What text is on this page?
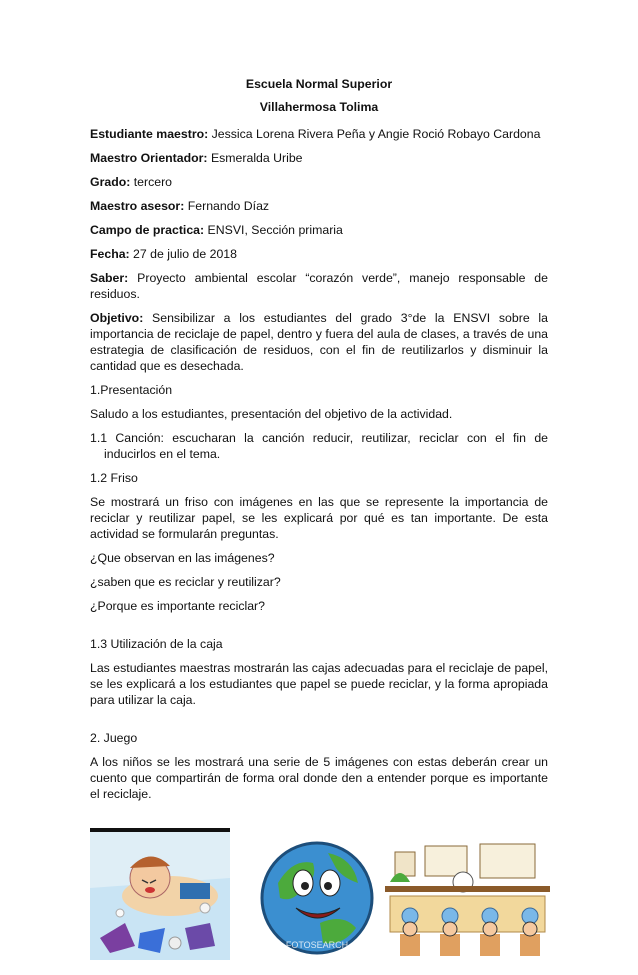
Escuela Normal Superior
Villahermosa Tolima

Estudiante maestro: Jessica Lorena Rivera Peña y Angie Roció Robayo Cardona

Maestro Orientador: Esmeralda Uribe

Grado: tercero

Maestro asesor: Fernando Díaz

Campo de practica: ENSVI, Sección primaria

Fecha: 27 de julio de 2018

Saber: Proyecto ambiental escolar “corazón verde”, manejo responsable de residuos.

Objetivo: Sensibilizar a los estudiantes del grado 3°de la ENSVI sobre la importancia de reciclaje de papel, dentro y fuera del aula de clases, a través de una estrategia de clasificación de residuos, con el fin de reutilizarlos y disminuir la cantidad que es desechada.

1.Presentación

Saludo a los estudiantes, presentación del objetivo de la actividad.

1.1 Canción: escucharan la canción reducir, reutilizar, reciclar con el fin de inducirlos en el tema.

1.2 Friso

Se mostrará un friso con imágenes en las que se represente la importancia de reciclar y reutilizar papel, se les explicará por qué es tan importante. De esta actividad se formularán preguntas.

¿Que observan en las imágenes?

¿saben que es reciclar y reutilizar?

¿Porque es importante reciclar?

1.3 Utilización de la caja

Las estudiantes maestras mostrarán las cajas adecuadas para el reciclaje de papel, se les explicará a los estudiantes que papel se puede reciclar, y la forma apropiada para utilizar la caja.

2. Juego

A los niños se les mostrará una serie de 5 imágenes con estas deberán crear un cuento que compartirán de forma oral donde den a entender porque es importante el reciclaje.

FOTOSEARCH
